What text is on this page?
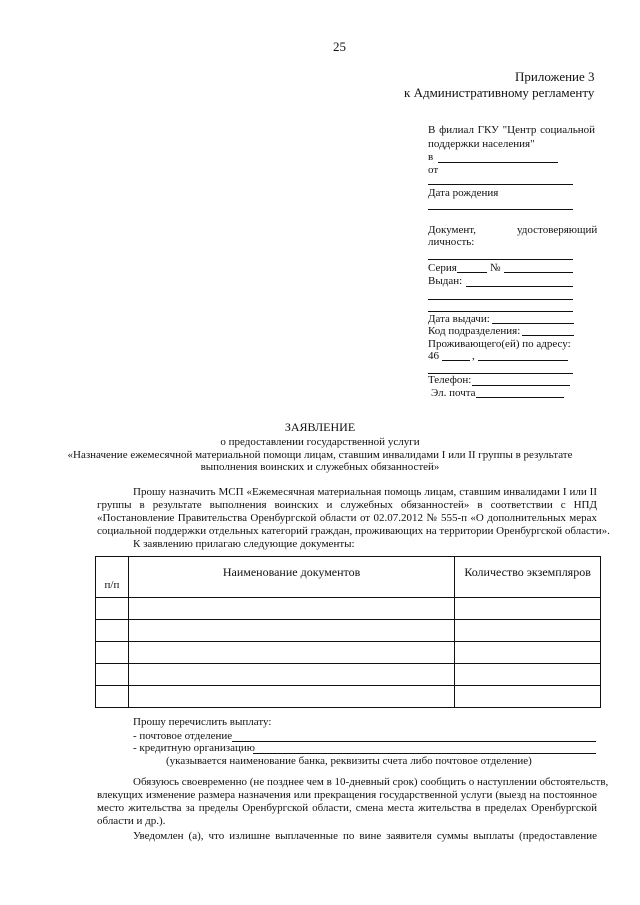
25
Приложение 3
к Административному регламенту
В филиал ГКУ "Центр социальной
поддержки населения"
в
от
Дата рождения
Документ,	удостоверяющий
личность:
Серия	№
Выдан:
Дата выдачи:
Код подразделения:
Проживающего(ей) по адресу:
46	,
Телефон:
Эл. почта
ЗАЯВЛЕНИЕ
о предоставлении государственной услуги
«Назначение ежемесячной материальной помощи лицам, ставшим инвалидами I или II группы в результате
выполнения воинских и служебных обязанностей»
Прошу назначить МСП «Ежемесячная материальная помощь лицам, ставшим инвалидами I или II
группы в результате выполнения воинских и служебных обязанностей» в соответствии с НПД
«Постановление Правительства Оренбургской области от 02.07.2012 № 555-п «О дополнительных мерах
социальной поддержки отдельных категорий граждан, проживающих на территории Оренбургской области».
К заявлению прилагаю следующие документы:
п/п	Наименование документов	Количество экземпляров

Прошу перечислить выплату:
- почтовое отделение
- кредитную организацию
(указывается наименование банка, реквизиты счета либо почтовое отделение)
Обязуюсь своевременно (не позднее чем в 10-дневный срок) сообщить о наступлении обстоятельств,
влекущих изменение размера назначения или прекращения государственной услуги (выезд на постоянное
место жительства за пределы Оренбургской области, смена места жительства в пределах Оренбургской
области и др.).
Уведомлен (а), что излишне выплаченные по вине заявителя суммы выплаты (предоставление
